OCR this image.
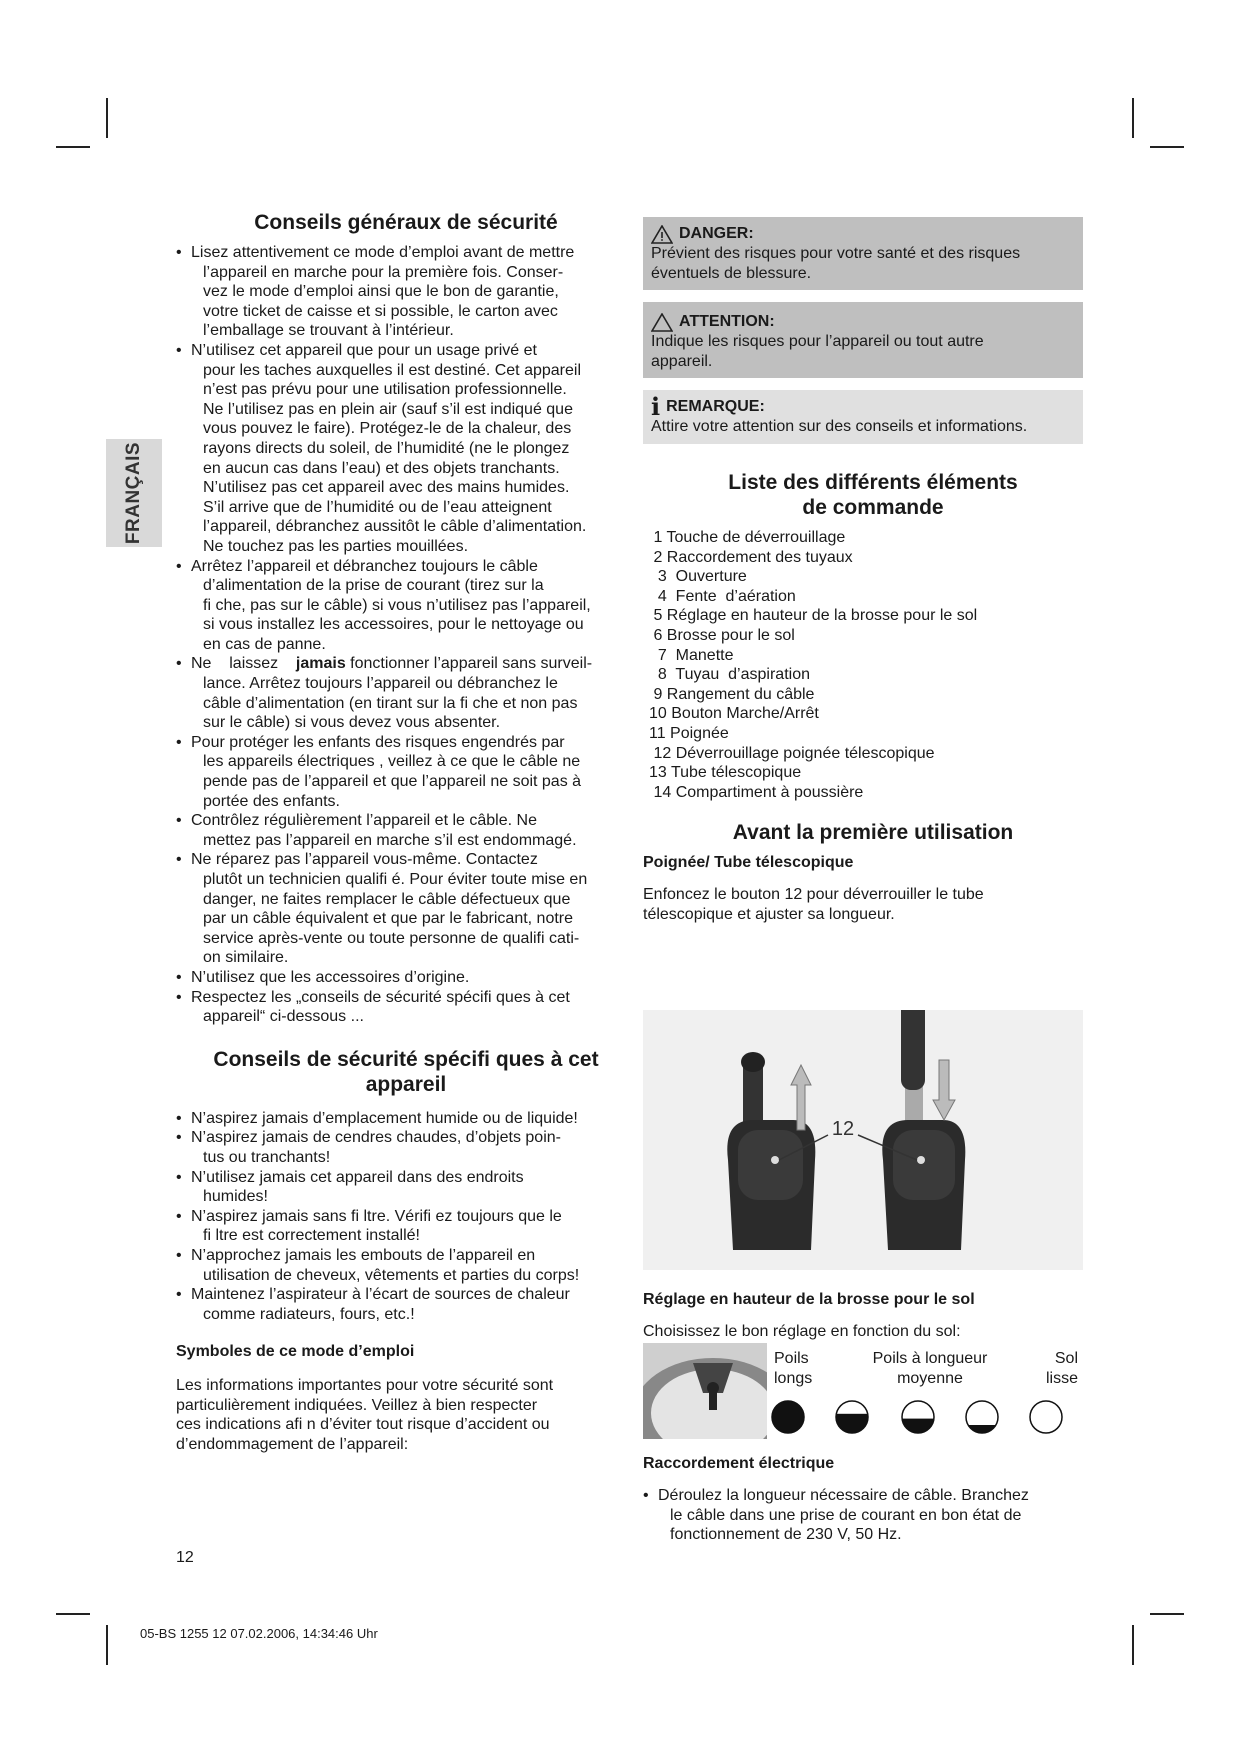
FRANÇAIS
Conseils généraux de sécurité
• Lisez attentivement ce mode d’emploi avant de mettre
l’appareil en marche pour la première fois. Conser-
vez le mode d’emploi ainsi que le bon de garantie,
votre ticket de caisse et si possible, le carton avec
l’emballage se trouvant à l’intérieur.
• N’utilisez cet appareil que pour un usage privé et
pour les taches auxquelles il est destiné. Cet appareil
n’est pas prévu pour une utilisation professionnelle.
Ne l’utilisez pas en plein air (sauf s’il est indiqué que
vous pouvez le faire). Protégez-le de la chaleur, des
rayons directs du soleil, de l’humidité (ne le plongez
en aucun cas dans l’eau) et des objets tranchants.
N’utilisez pas cet appareil avec des mains humides.
S’il arrive que de l’humidité ou de l’eau atteignent
l’appareil, débranchez aussitôt le câble d’alimentation.
Ne touchez pas les parties mouillées.
• Arrêtez l’appareil et débranchez toujours le câble
d’alimentation de la prise de courant (tirez sur la
fi che, pas sur le câble) si vous n’utilisez pas l’appareil,
si vous installez les accessoires, pour le nettoyage ou
en cas de panne.
• Ne    laissez    jamais fonctionner l’appareil sans surveil-
lance. Arrêtez toujours l’appareil ou débranchez le
câble d’alimentation (en tirant sur la fi che et non pas
sur le câble) si vous devez vous absenter.
• Pour protéger les enfants des risques engendrés par
les appareils électriques , veillez à ce que le câble ne
pende pas de l’appareil et que l’appareil ne soit pas à
portée des enfants.
• Contrôlez régulièrement l’appareil et le câble. Ne
mettez pas l’appareil en marche s’il est endommagé.
• Ne réparez pas l’appareil vous-même. Contactez
plutôt un technicien qualifi é. Pour éviter toute mise en
danger, ne faites remplacer le câble défectueux que
par un câble équivalent et que par le fabricant, notre
service après-vente ou toute personne de qualifi cati-
on similaire.
• N’utilisez que les accessoires d’origine.
• Respectez les „conseils de sécurité spécifi ques à cet
appareil“ ci-dessous ...
Conseils de sécurité spécifi ques à cet
appareil
• N’aspirez jamais d’emplacement humide ou de liquide!
• N’aspirez jamais de cendres chaudes, d’objets poin-
tus ou tranchants!
• N’utilisez jamais cet appareil dans des endroits
humides!
• N’aspirez jamais sans fi ltre. Vérifi ez toujours que le
fi ltre est correctement installé!
• N’approchez jamais les embouts de l’appareil en
utilisation de cheveux, vêtements et parties du corps!
• Maintenez l’aspirateur à l’écart de sources de chaleur
comme radiateurs, fours, etc.!
Symboles de ce mode d’emploi
Les informations importantes pour votre sécurité sont
particulièrement indiquées. Veillez à bien respecter
ces indications afi n d’éviter tout risque d’accident ou
d’endommagement de l’appareil:
DANGER:
Prévient des risques pour votre santé et des risques
éventuels de blessure.
ATTENTION:
Indique les risques pour l’appareil ou tout autre
appareil.
i REMARQUE:
Attire votre attention sur des conseils et informations.
Liste des différents éléments
de commande
1 Touche de déverrouillage
2 Raccordement des tuyaux
3  Ouverture
4  Fente  d’aération
5 Réglage en hauteur de la brosse pour le sol
6 Brosse pour le sol
7  Manette
8  Tuyau  d’aspiration
9 Rangement du câble
10 Bouton Marche/Arrêt
11 Poignée
12 Déverrouillage poignée télescopique
13 Tube télescopique
14 Compartiment à poussière
Avant la première utilisation
Poignée/ Tube télescopique
Enfoncez le bouton 12 pour déverrouiller le tube
télescopique et ajuster sa longueur.
12
Réglage en hauteur de la brosse pour le sol
Choisissez le bon réglage en fonction du sol:
Poils
longs
Poils à longueur
moyenne
Sol
lisse
Raccordement électrique
• Déroulez la longueur nécessaire de câble. Branchez
le câble dans une prise de courant en bon état de
fonctionnement de 230 V, 50 Hz.
12
05-BS 1255 12 07.02.2006, 14:34:46 Uhr
